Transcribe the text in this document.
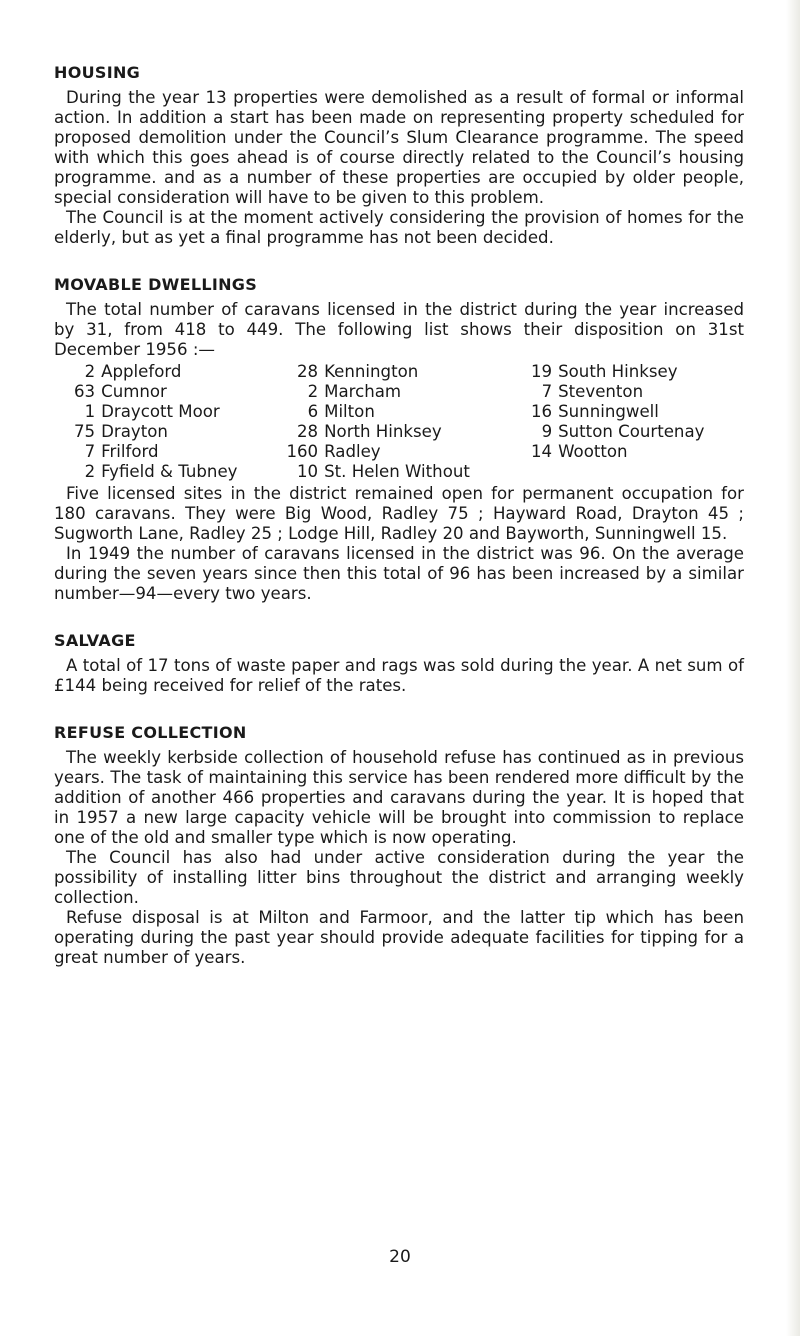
HOUSING

During the year 13 properties were demolished as a result of formal or informal action. In addition a start has been made on representing property scheduled for proposed demolition under the Council’s Slum Clearance programme. The speed with which this goes ahead is of course directly related to the Council’s housing programme. and as a number of these properties are occupied by older people, special consideration will have to be given to this problem.

The Council is at the moment actively considering the provision of homes for the elderly, but as yet a final programme has not been decided.

MOVABLE DWELLINGS

The total number of caravans licensed in the district during the year increased by 31, from 418 to 449. The following list shows their disposition on 31st December 1956 :—

2	Appleford	28	Kennington	19	South Hinksey
63	Cumnor	2	Marcham	7	Steventon
1	Draycott Moor	6	Milton	16	Sunningwell
75	Drayton	28	North Hinksey	9	Sutton Courtenay
7	Frilford	160	Radley	14	Wootton
2	Fyfield & Tubney	10	St. Helen Without		

Five licensed sites in the district remained open for permanent occupation for 180 caravans. They were Big Wood, Radley 75 ; Hayward Road, Drayton 45 ; Sugworth Lane, Radley 25 ; Lodge Hill, Radley 20 and Bayworth, Sunningwell 15.

In 1949 the number of caravans licensed in the district was 96. On the average during the seven years since then this total of 96 has been increased by a similar number—94—every two years.

SALVAGE

A total of 17 tons of waste paper and rags was sold during the year. A net sum of £144 being received for relief of the rates.

REFUSE COLLECTION

The weekly kerbside collection of household refuse has continued as in previous years. The task of maintaining this service has been rendered more difficult by the addition of another 466 properties and caravans during the year. It is hoped that in 1957 a new large capacity vehicle will be brought into commission to replace one of the old and smaller type which is now operating.

The Council has also had under active consideration during the year the possibility of installing litter bins throughout the district and arranging weekly collection.

Refuse disposal is at Milton and Farmoor, and the latter tip which has been operating during the past year should provide adequate facilities for tipping for a great number of years.

20
